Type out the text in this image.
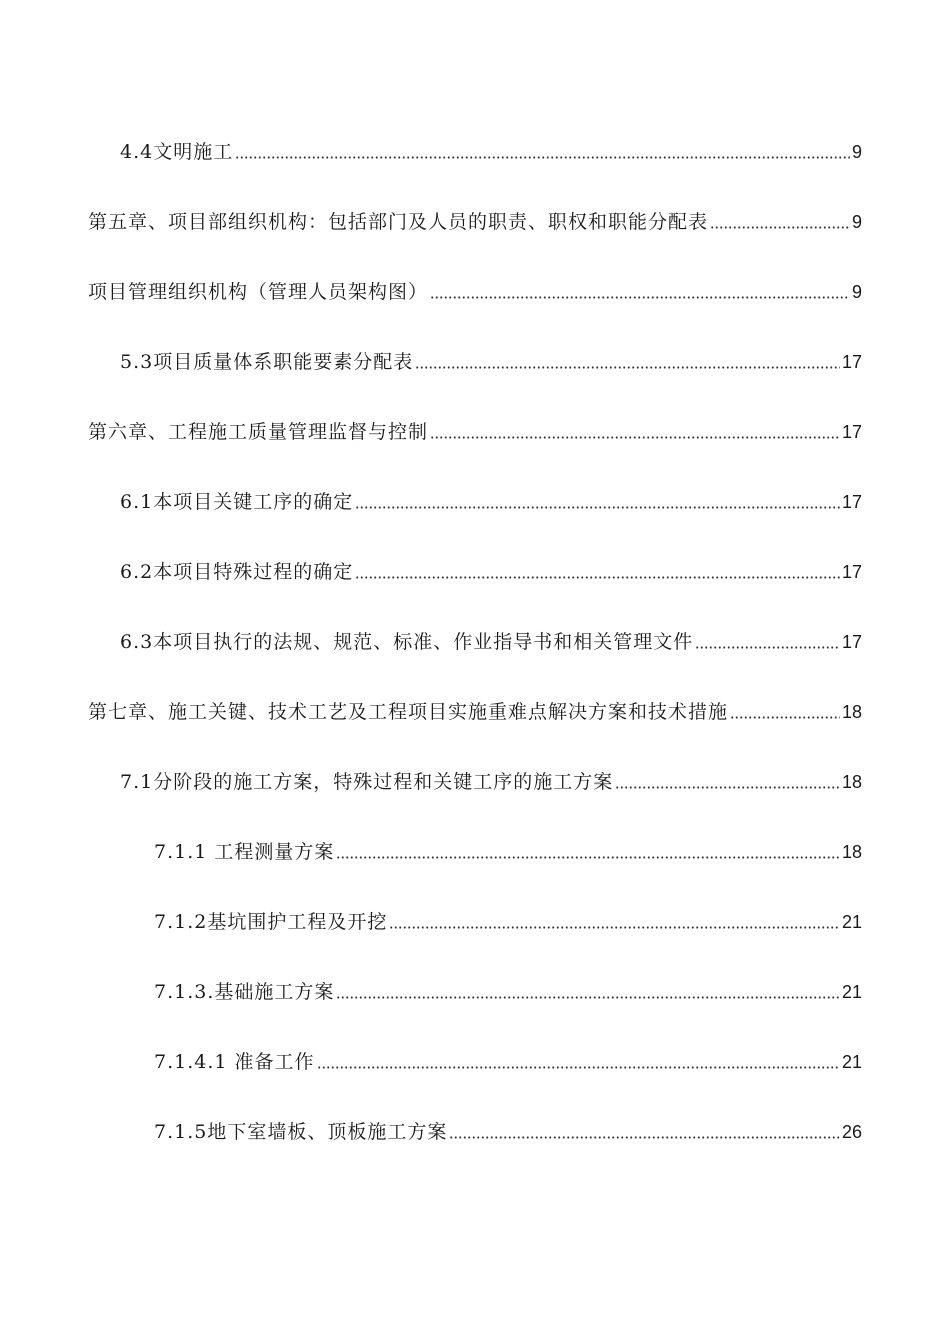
4.4文明施工	9
第五章、项目部组织机构：包括部门及人员的职责、职权和职能分配表	9
项目管理组织机构（管理人员架构图）	9
5.3项目质量体系职能要素分配表	17
第六章、工程施工质量管理监督与控制	17
6.1本项目关键工序的确定	17
6.2本项目特殊过程的确定	17
6.3本项目执行的法规、规范、标准、作业指导书和相关管理文件	17
第七章、施工关键、技术工艺及工程项目实施重难点解决方案和技术措施	18
7.1分阶段的施工方案，特殊过程和关键工序的施工方案	18
7.1.1 工程测量方案	18
7.1.2基坑围护工程及开挖	21
7.1.3.基础施工方案	21
7.1.4.1 准备工作	21
7.1.5地下室墙板、顶板施工方案	26
